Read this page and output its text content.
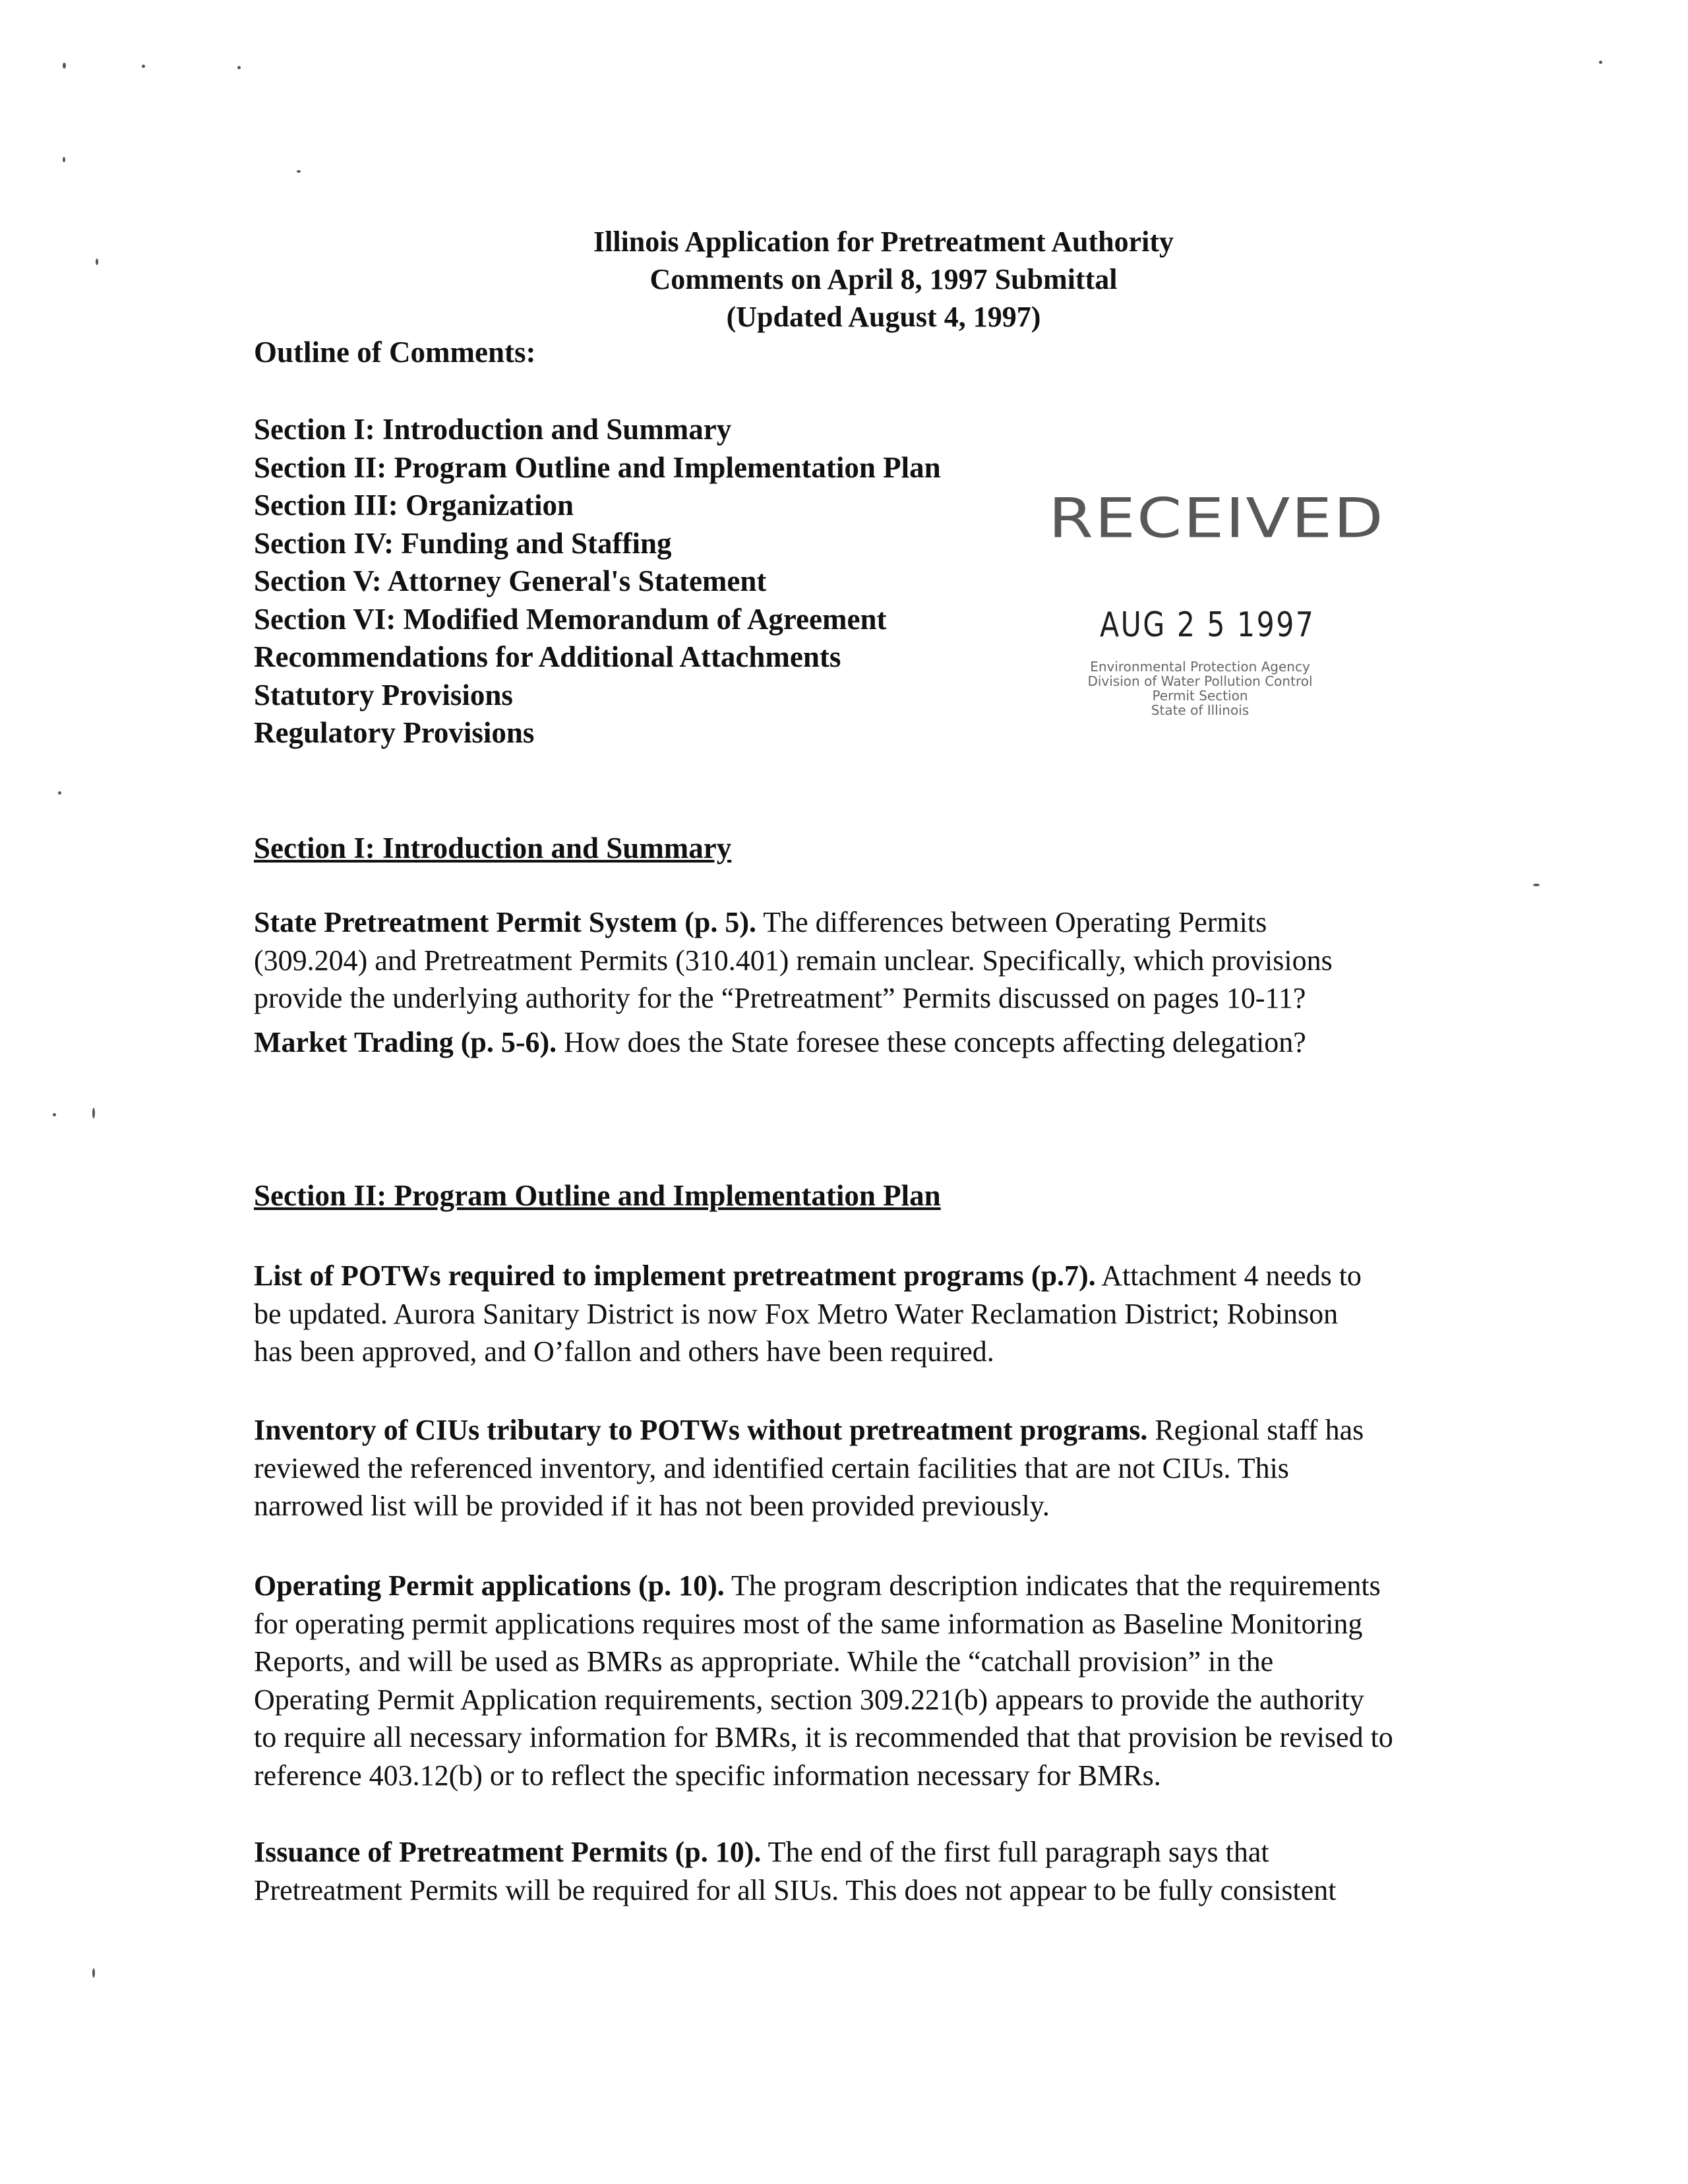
Illinois Application for Pretreatment Authority
Comments on April 8, 1997 Submittal
(Updated August 4, 1997)
Outline of Comments:
Section I: Introduction and Summary
Section II: Program Outline and Implementation Plan
Section III: Organization
Section IV: Funding and Staffing
Section V: Attorney General's Statement
Section VI: Modified Memorandum of Agreement
Recommendations for Additional Attachments
Statutory Provisions
Regulatory Provisions
RECEIVED
AUG 2 5 1997
Environmental Protection Agency
Division of Water Pollution Control
Permit Section
State of Illinois
Section I: Introduction and Summary
State Pretreatment Permit System (p. 5). The differences between Operating Permits
(309.204) and Pretreatment Permits (310.401) remain unclear. Specifically, which provisions
provide the underlying authority for the “Pretreatment” Permits discussed on pages 10-11?
Market Trading (p. 5-6). How does the State foresee these concepts affecting delegation?
Section II: Program Outline and Implementation Plan
List of POTWs required to implement pretreatment programs (p.7). Attachment 4 needs to
be updated. Aurora Sanitary District is now Fox Metro Water Reclamation District; Robinson
has been approved, and O’fallon and others have been required.
Inventory of CIUs tributary to POTWs without pretreatment programs. Regional staff has
reviewed the referenced inventory, and identified certain facilities that are not CIUs. This
narrowed list will be provided if it has not been provided previously.
Operating Permit applications (p. 10). The program description indicates that the requirements
for operating permit applications requires most of the same information as Baseline Monitoring
Reports, and will be used as BMRs as appropriate. While the “catchall provision” in the
Operating Permit Application requirements, section 309.221(b) appears to provide the authority
to require all necessary information for BMRs, it is recommended that that provision be revised to
reference 403.12(b) or to reflect the specific information necessary for BMRs.
Issuance of Pretreatment Permits (p. 10). The end of the first full paragraph says that
Pretreatment Permits will be required for all SIUs. This does not appear to be fully consistent
